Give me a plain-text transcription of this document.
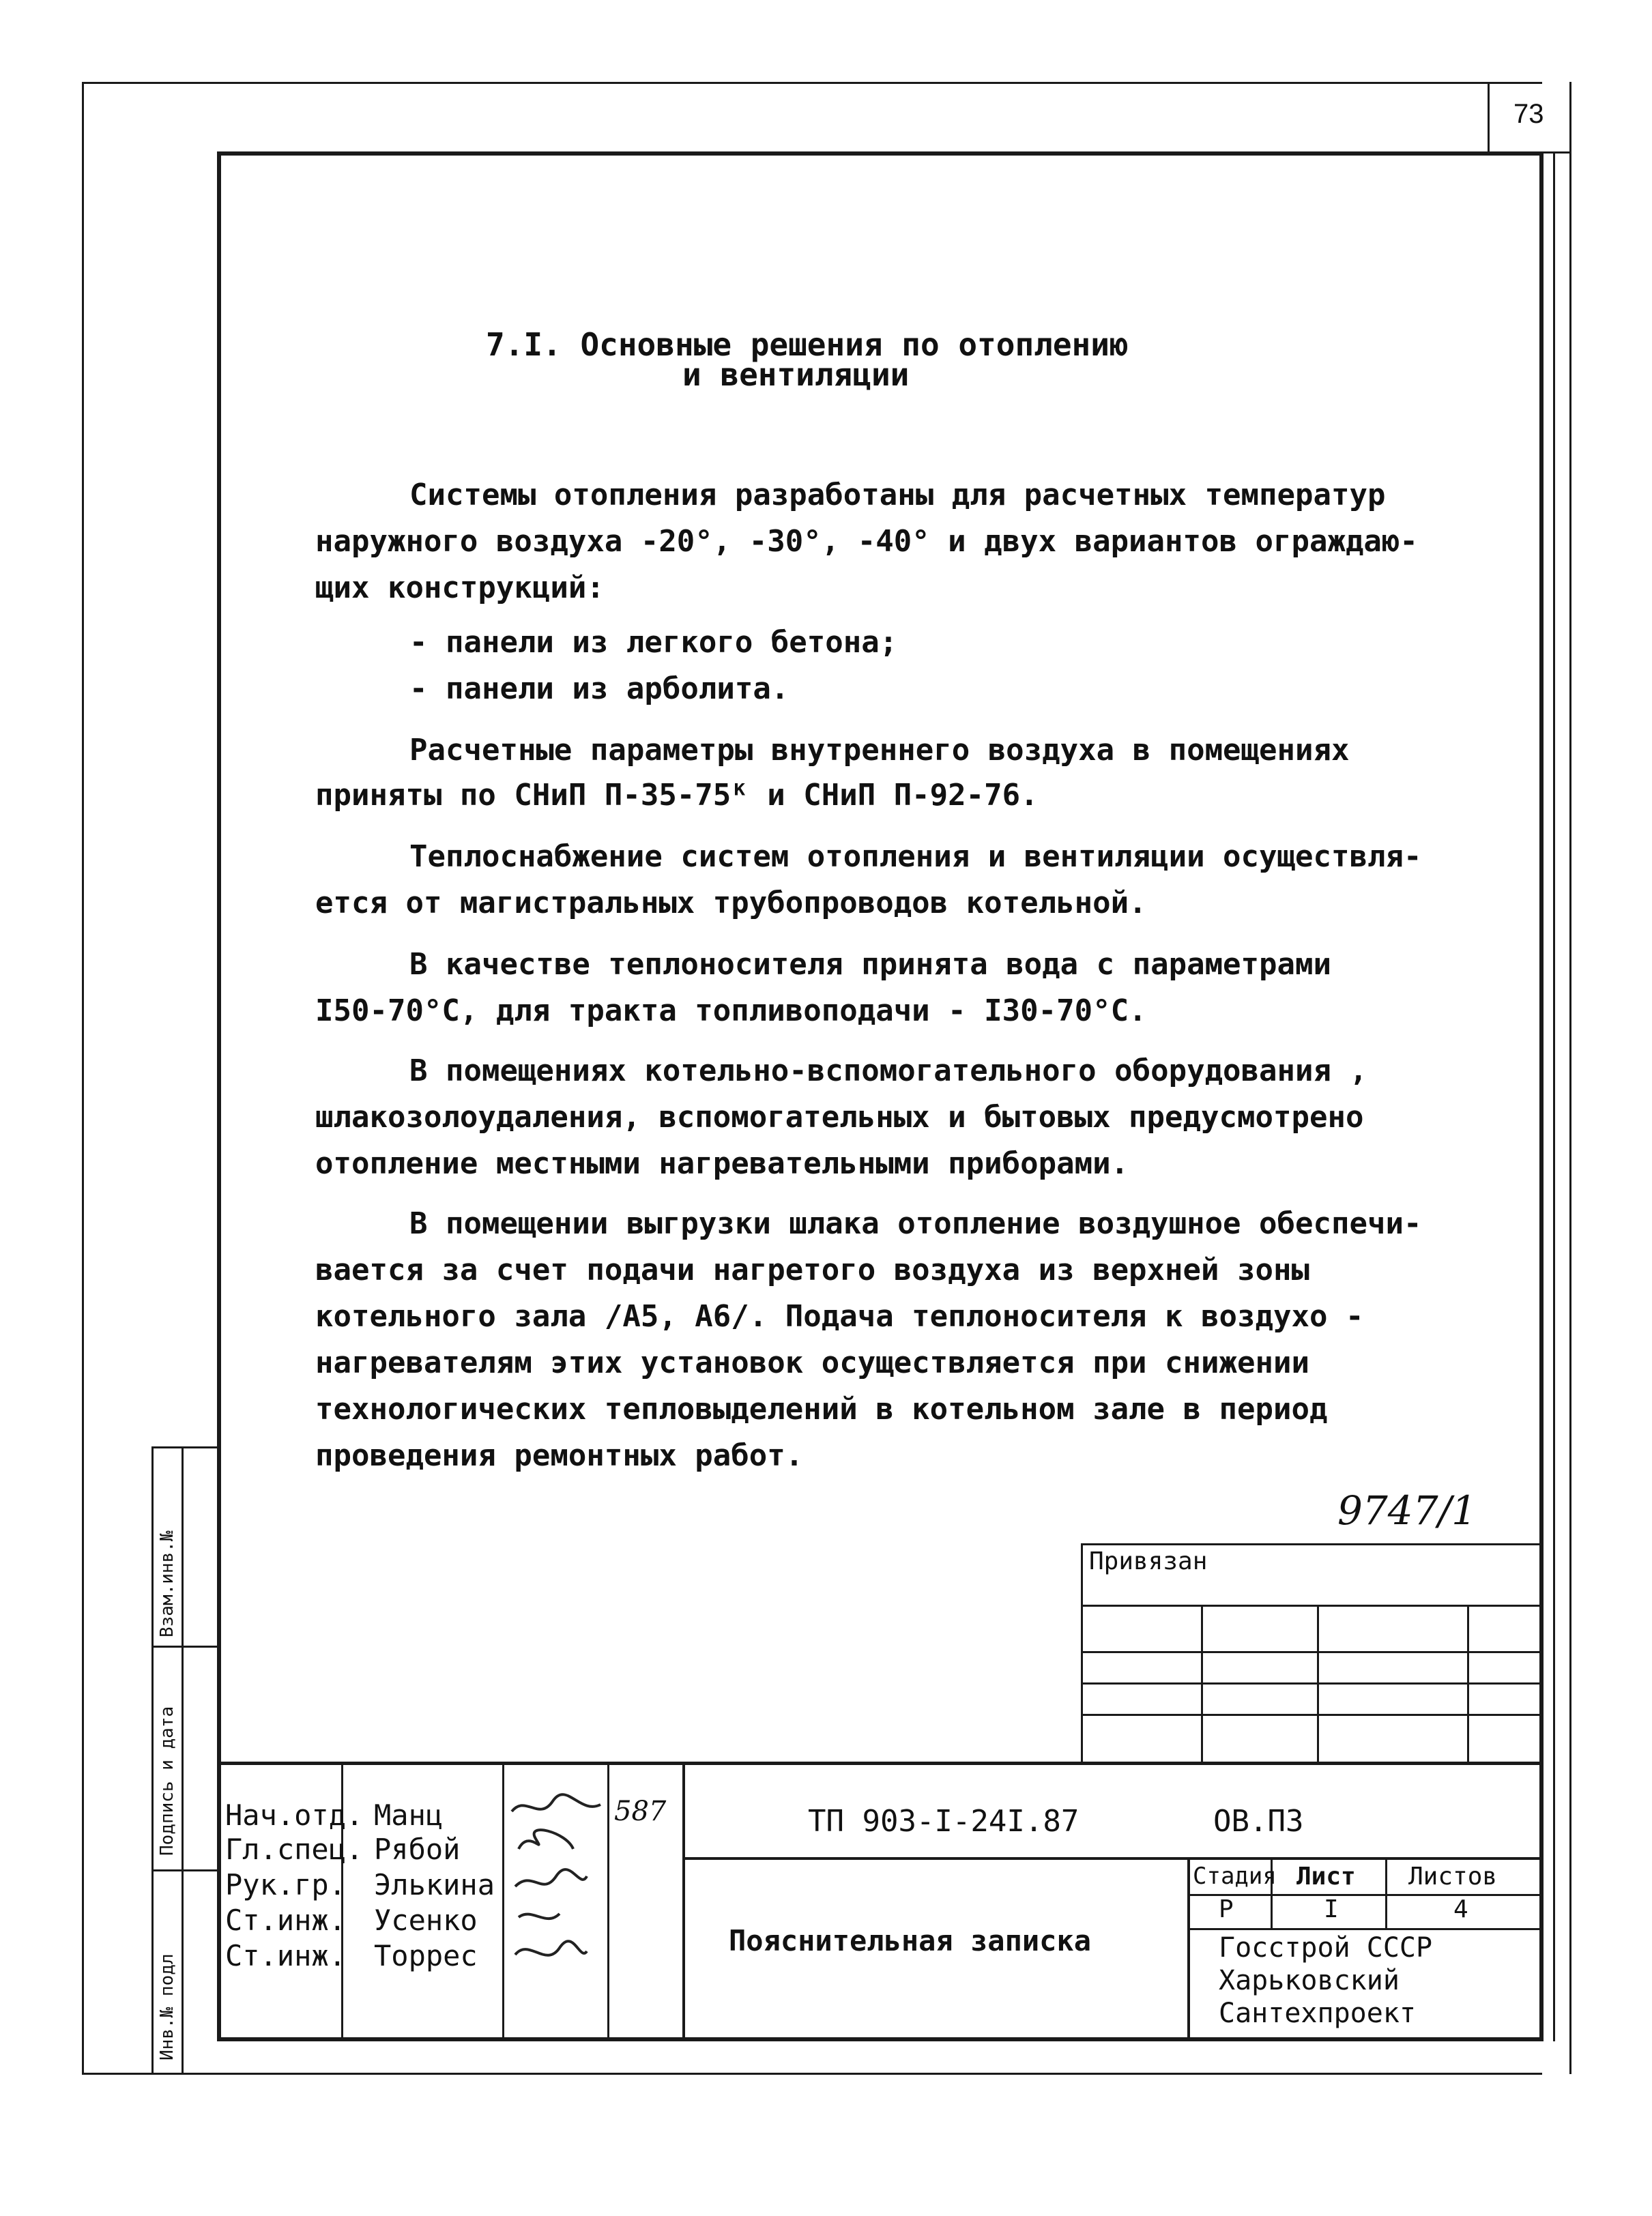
73
7.I. Основные решения по отоплению
и вентиляции
Системы отопления разработаны для расчетных температур
наружного воздуха -20°, -30°, -40° и двух вариантов ограждаю-
щих конструкций:
- панели из легкого бетона;
- панели из арболита.
Расчетные параметры внутреннего воздуха в помещениях
приняты по СНиП П-35-75ᴷ и СНиП П-92-76.
Теплоснабжение систем отопления и вентиляции осуществля-
ется от магистральных трубопроводов котельной.
В качестве теплоносителя принята вода с параметрами
I50-70°С, для тракта топливоподачи - I30-70°С.
В помещениях котельно-вспомогательного оборудования ,
шлакозолоудаления, вспомогательных и бытовых предусмотрено
отопление местными нагревательными приборами.
В помещении выгрузки шлака отопление воздушное обеспечи-
вается за счет подачи нагретого воздуха из верхней зоны
котельного зала /А5, А6/. Подача теплоносителя к воздухо -
нагревателям этих установок осуществляется при снижении
технологических тепловыделений в котельном зале в период
проведения ремонтных работ.
9747/1
Привязан
Взам.инв.№
Подпись и дата
Инв.№ подл
Нач.отд. Манц
Гл.спец. Рябой
Рук.гр. Элькина
Ст.инж. Усенко
Ст.инж. Торрес
587	ТП 903-I-24I.87	ОВ.ПЗ
Пояснительная записка
Стадия Лист Листов
Р	I	4
Госстрой СССР
Харьковский
Сантехпроект
